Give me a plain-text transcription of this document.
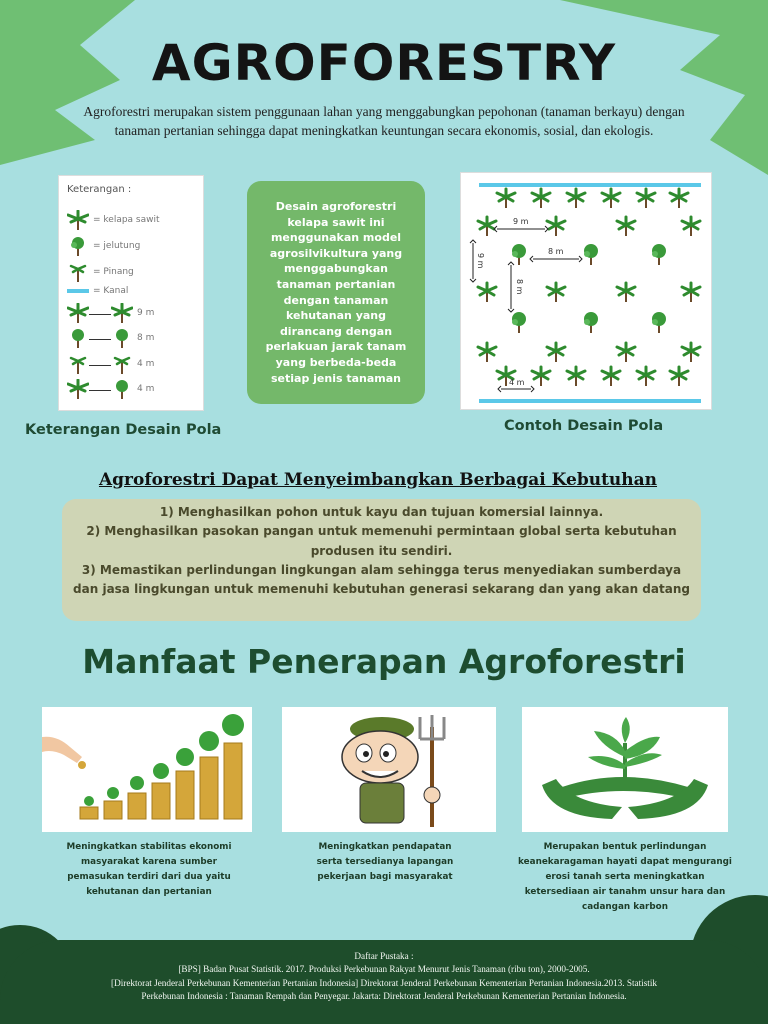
AGROFORESTRY
Agroforestri merupakan sistem penggunaan lahan yang menggabungkan pepohonan (tanaman berkayu) dengan tanaman pertanian sehingga dapat meningkatkan keuntungan secara ekonomis, sosial, dan ekologis.
Keterangan :
= kelapa sawit
= jelutung
= Pinang
= Kanal
9 m
8 m
4 m
4 m
Desain agroforestri kelapa sawit ini menggunakan model agrosilvikultura yang menggabungkan tanaman pertanian dengan tanaman kehutanan yang dirancang dengan perlakuan jarak tanam yang berbeda-beda setiap jenis tanaman
9 m
8 m
9 m
8 m
4 m
Keterangan Desain Pola	Contoh Desain Pola
Agroforestri Dapat Menyeimbangkan Berbagai Kebutuhan
1) Menghasilkan pohon untuk kayu dan tujuan komersial lainnya.
2) Menghasilkan pasokan pangan untuk memenuhi permintaan global serta kebutuhan produsen itu sendiri.
3) Memastikan perlindungan lingkungan alam sehingga terus menyediakan sumberdaya dan jasa lingkungan untuk memenuhi kebutuhan generasi sekarang dan yang akan datang
Manfaat Penerapan Agroforestri
Meningkatkan stabilitas ekonomi masyarakat karena sumber pemasukan terdiri dari dua yaitu kehutanan dan pertanian
Meningkatkan pendapatan serta tersedianya lapangan pekerjaan bagi masyarakat
Merupakan bentuk perlindungan keanekaragaman hayati dapat mengurangi erosi tanah serta meningkatkan ketersediaan air tanahm unsur hara dan cadangan karbon
Daftar Pustaka :
[BPS] Badan Pusat Statistik. 2017. Produksi Perkebunan Rakyat Menurut Jenis Tanaman (ribu ton), 2000-2005.
[Direktorat Jenderal Perkebunan Kementerian Pertanian Indonesia] Direktorat Jenderal Perkebunan Kementerian Pertanian Indonesia.2013. Statistik Perkebunan Indonesia : Tanaman Rempah dan Penyegar. Jakarta: Direktorat Jenderal Perkebunan Kementerian Pertanian Indonesia.
